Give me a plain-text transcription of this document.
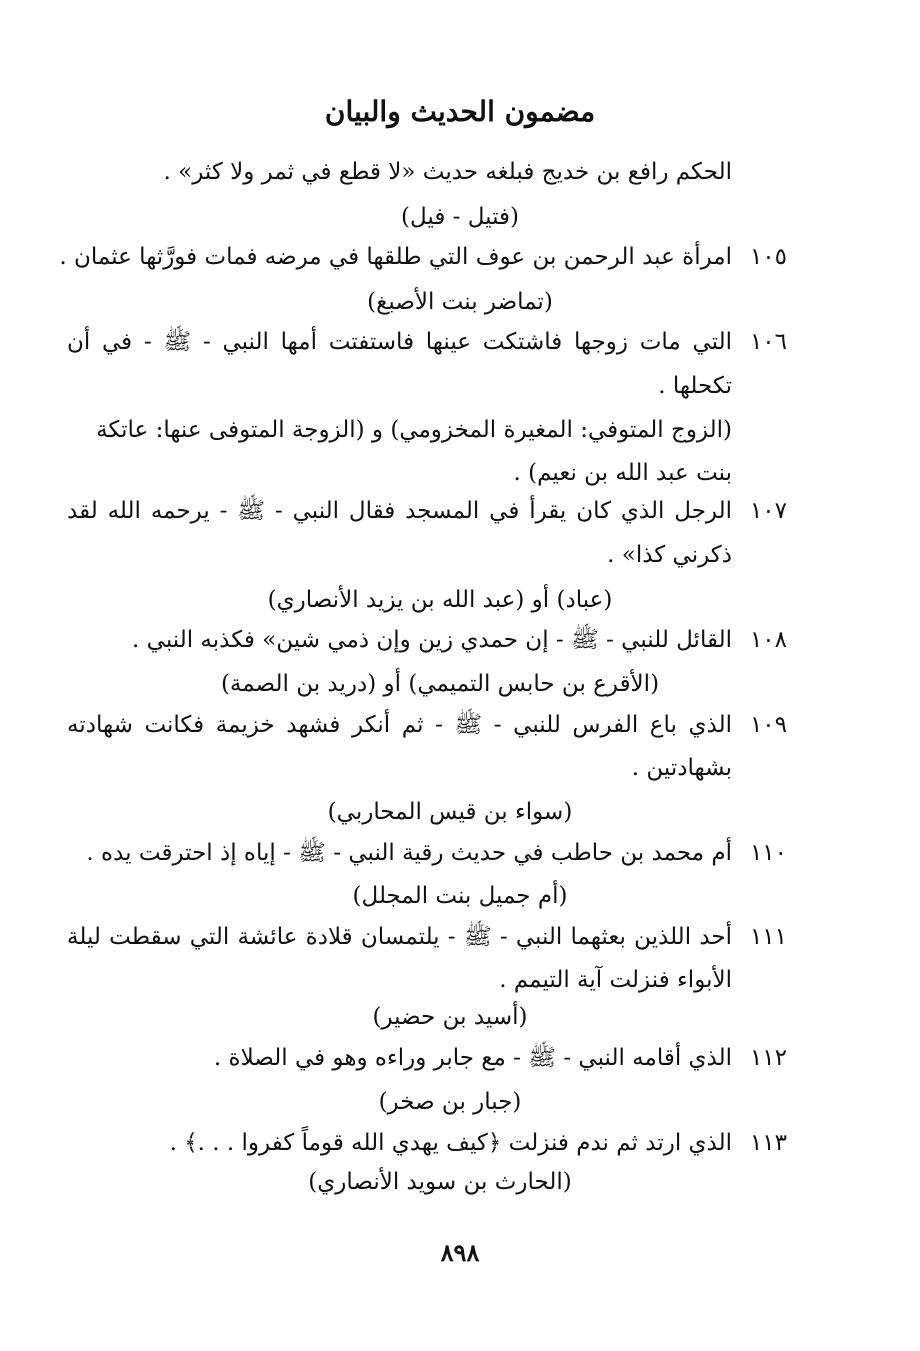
مضمون الحديث والبيان
الحكم رافع بن خديج فبلغه حديث «لا قطع في ثمر ولا كثر» .
(فتيل - فيل)
١٠٥
امرأة عبد الرحمن بن عوف التي طلقها في مرضه فمات فورَّثها عثمان .
(تماضر بنت الأصبغ)
١٠٦
التي مات زوجها فاشتكت عينها فاستفتت أمها النبي - ﷺ - في أن
تكحلها .
(الزوج المتوفي: المغيرة المخزومي) و (الزوجة المتوفى عنها: عاتكة
بنت عبد الله بن نعيم) .
١٠٧
الرجل الذي كان يقرأ في المسجد فقال النبي - ﷺ - يرحمه الله لقد
ذكرني كذا» .
(عباد) أو (عبد الله بن يزيد الأنصاري)
١٠٨
القائل للنبي - ﷺ - إن حمدي زين وإن ذمي شين» فكذبه النبي .
(الأقرع بن حابس التميمي) أو (دريد بن الصمة)
١٠٩
الذي باع الفرس للنبي - ﷺ - ثم أنكر فشهد خزيمة فكانت شهادته
بشهادتين .
(سواء بن قيس المحاربي)
١١٠
أم محمد بن حاطب في حديث رقية النبي - ﷺ - إياه إذ احترقت يده .
(أم جميل بنت المجلل)
١١١
أحد اللذين بعثهما النبي - ﷺ - يلتمسان قلادة عائشة التي سقطت ليلة
الأبواء فنزلت آية التيمم .
(أسيد بن حضير)
١١٢
الذي أقامه النبي - ﷺ - مع جابر وراءه وهو في الصلاة .
(جبار بن صخر)
١١٣
الذي ارتد ثم ندم فنزلت ﴿كيف يهدي الله قوماً كفروا . . .﴾ .
(الحارث بن سويد الأنصاري)
٨٩٨
